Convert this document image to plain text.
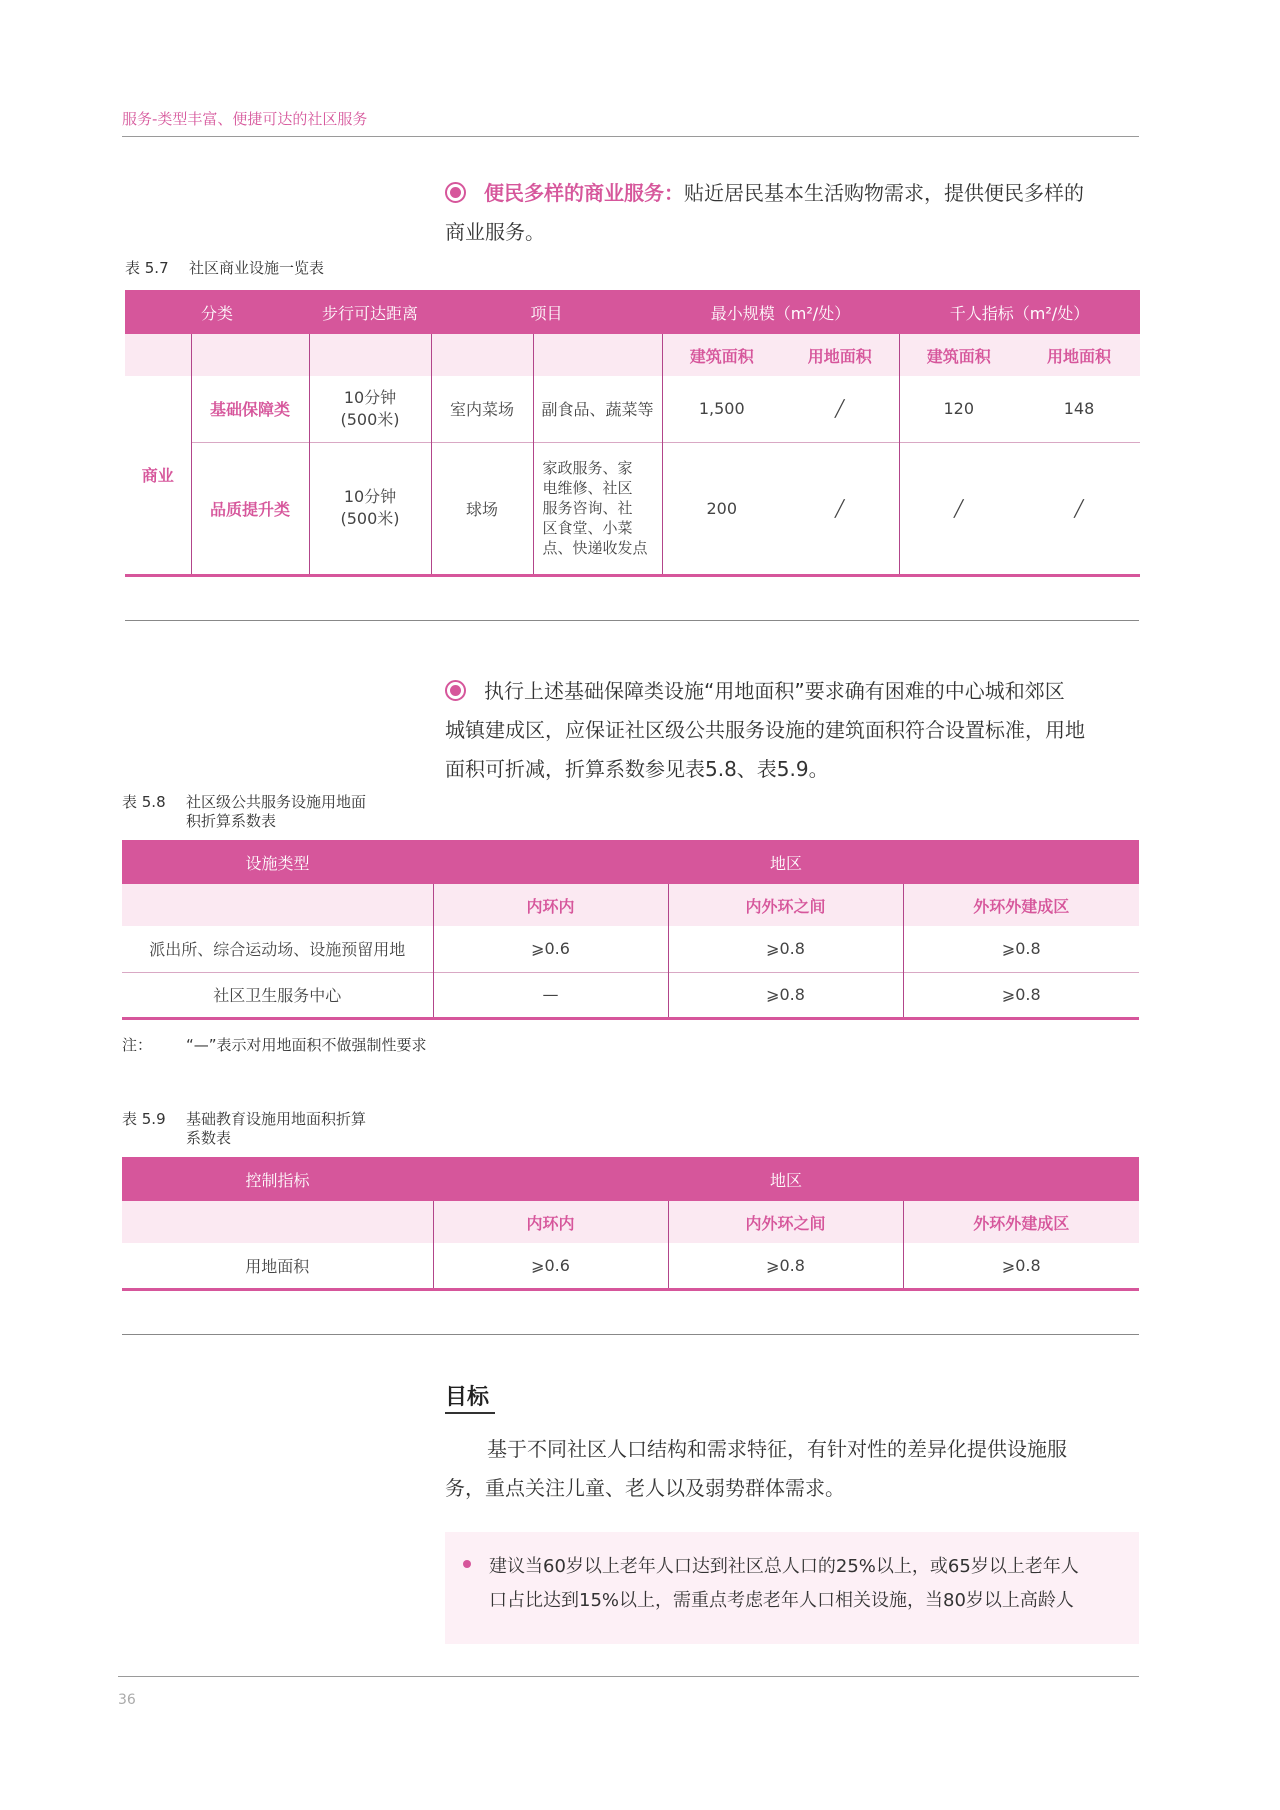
服务-类型丰富、便捷可达的社区服务
便民多样的商业服务：贴近居民基本生活购物需求，提供便民多样的
商业服务。
表 5.7 社区商业设施一览表
分类		步行可达距离	项目		最小规模（m²/处）		千人指标（m²/处）	
					建筑面积	用地面积	建筑面积	用地面积
商业	基础保障类	10分钟
(500米)	室内菜场	副食品、蔬菜等	1,500	╱	120	148
	品质提升类	10分钟
(500米)	球场	家政服务、家
电维修、社区
服务咨询、社
区食堂、小菜
点、快递收发点	200	╱	╱	╱
执行上述基础保障类设施“用地面积”要求确有困难的中心城和郊区
城镇建成区，应保证社区级公共服务设施的建筑面积符合设置标准，用地
面积可折减，折算系数参见表5.8、表5.9。
表 5.8 社区级公共服务设施用地面
积折算系数表
设施类型	地区		
	内环内	内外环之间	外环外建成区
派出所、综合运动场、设施预留用地	⩾0.6	⩾0.8	⩾0.8
社区卫生服务中心	—	⩾0.8	⩾0.8
注： “—”表示对用地面积不做强制性要求
表 5.9 基础教育设施用地面积折算
系数表
控制指标	地区		
	内环内	内外环之间	外环外建成区
用地面积	⩾0.6	⩾0.8	⩾0.8
目标
基于不同社区人口结构和需求特征，有针对性的差异化提供设施服
务，重点关注儿童、老人以及弱势群体需求。
建议当60岁以上老年人口达到社区总人口的25%以上，或65岁以上老年人
口占比达到15%以上，需重点考虑老年人口相关设施，当80岁以上高龄人
36
